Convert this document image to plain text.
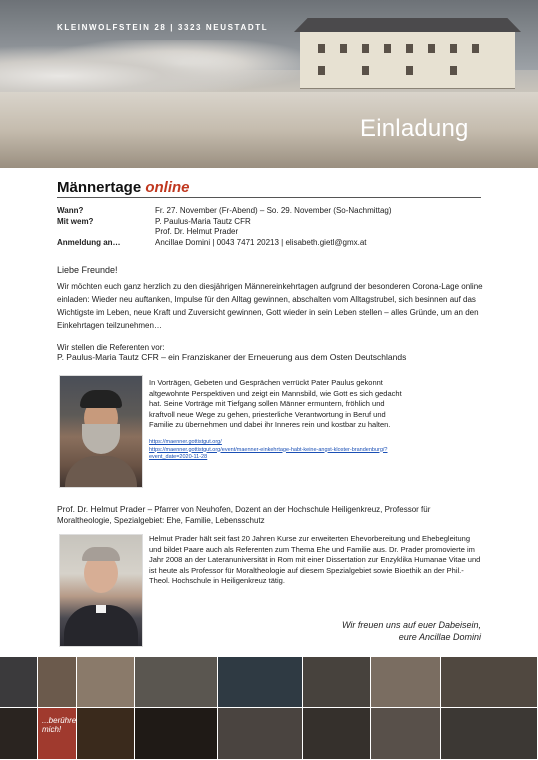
KLEINWOLFSTEIN 28 | 3323 NEUSTADTL
Einladung
Männertage online
Wann?	Fr. 27. November (Fr-Abend) – So. 29. November (So-Nachmittag)
Mit wem?	P. Paulus-Maria Tautz CFR
Prof. Dr. Helmut Prader
Anmeldung an…	Ancillae Domini | 0043 7471 20213 | elisabeth.gietl@gmx.at
Liebe Freunde!
Wir möchten euch ganz herzlich zu den diesjährigen Männereinkehrtagen aufgrund der besonderen Corona-Lage online einladen: Wieder neu auftanken, Impulse für den Alltag gewinnen, abschalten vom Alltagstrubel, sich besinnen auf das Wichtigste im Leben, neue Kraft und Zuversicht gewinnen, Gott wieder in sein Leben stellen – alles Gründe, um an den Einkehrtagen teilzunehmen…
Wir stellen die Referenten vor:
P. Paulus-Maria Tautz CFR – ein Franziskaner der Erneuerung aus dem Osten Deutschlands
In Vorträgen, Gebeten und Gesprächen verrückt Pater Paulus gekonnt altgewohnte Perspektiven und zeigt ein Mannsbild, wie Gott es sich gedacht hat. Seine Vorträge mit Tiefgang sollen Männer ermuntern, fröhlich und kraftvoll neue Wege zu gehen, priesterliche Verantwortung in Beruf und Familie zu übernehmen und dabei ihr Inneres rein und kostbar zu halten.
https://maenner.gottistgut.org/
https://maenner.gottistgut.org/event/maenner-einkehrtage-habt-keine-angst-kloster-brandenburg/?event_date=2020-11-28
Prof. Dr. Helmut Prader – Pfarrer von Neuhofen, Dozent an der Hochschule Heiligenkreuz, Professor für Moraltheologie, Spezialgebiet: Ehe, Familie, Lebensschutz
Helmut Prader hält seit fast 20 Jahren Kurse zur erweiterten Ehevorbereitung und Ehebegleitung und bildet Paare auch als Referenten zum Thema Ehe und Familie aus. Dr. Prader promovierte im Jahr 2008 an der Lateranuniversität in Rom mit einer Dissertation zur Enzyklika Humanae Vitae und ist heute als Professor für Moraltheologie auf diesem Spezialgebiet sowie Bioethik an der Phil.-Theol. Hochschule in Heiligenkreuz tätig.
Wir freuen uns auf euer Dabeisein,
eure Ancillae Domini
...berühre mich!
